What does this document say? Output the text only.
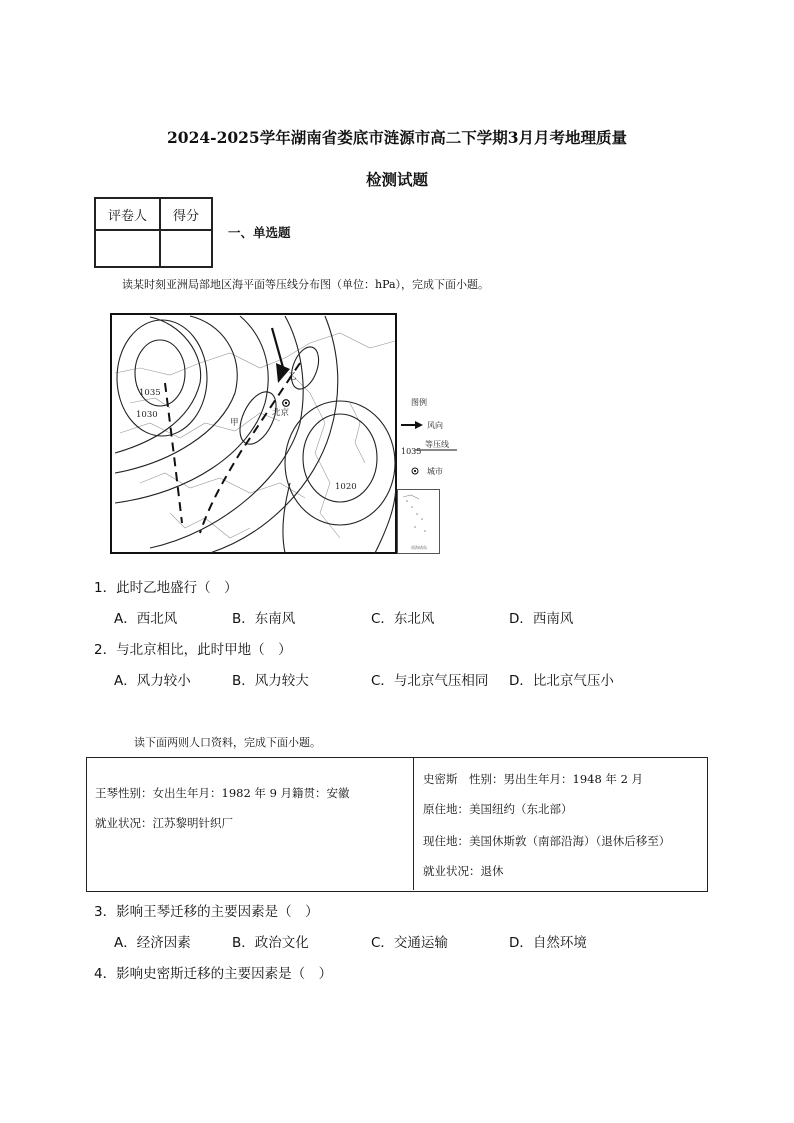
2024-2025学年湖南省娄底市涟源市高二下学期3月月考地理质量
检测试题
评卷人	得分

一、单选题
读某时刻亚洲局部地区海平面等压线分布图（单位：hPa），完成下面小题。
1035
1030
1020
甲
乙
北京
图例
风向
1035
等压线
城市
南海诸岛
1．此时乙地盛行（　）
A．西北风	B．东南风	C．东北风	D．西南风
2．与北京相比，此时甲地（　）
A．风力较小	B．风力较大	C．与北京气压相同 D．比北京气压小
读下面两则人口资料，完成下面小题。
王琴性别：女出生年月：1982 年 9 月籍贯：安徽
就业状况：江苏黎明针织厂
史密斯　性别：男出生年月：1948 年 2 月
原住地：美国纽约（东北部）
现住地：美国休斯敦（南部沿海）（退休后移至）
就业状况：退休
3．影响王琴迁移的主要因素是（　）
A．经济因素	B．政治文化	C．交通运输	D．自然环境
4．影响史密斯迁移的主要因素是（　）
